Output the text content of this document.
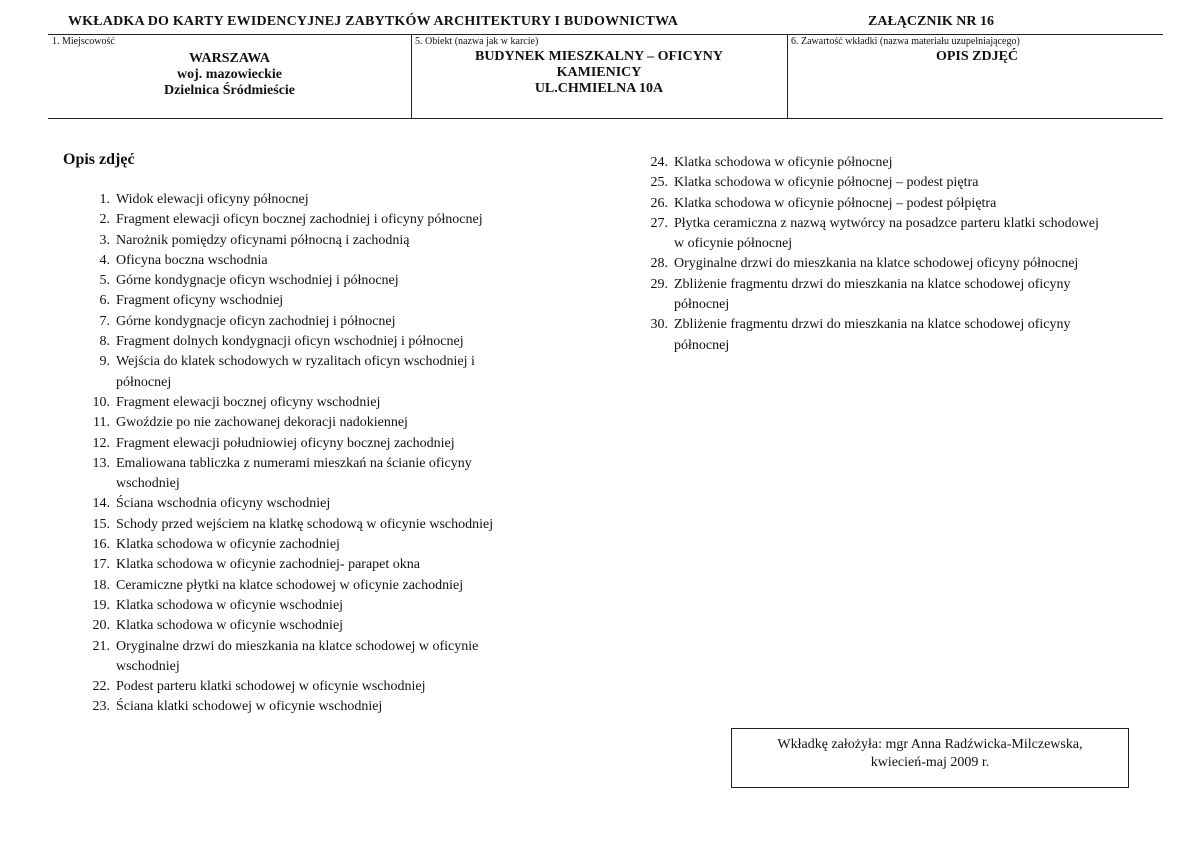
WKŁADKA DO KARTY EWIDENCYJNEJ ZABYTKÓW ARCHITEKTURY I BUDOWNICTWA	ZAŁĄCZNIK NR 16
1. Miejscowość
WARSZAWA
woj. mazowieckie
Dzielnica Śródmieście
5. Obiekt (nazwa jak w karcie)
BUDYNEK MIESZKALNY – OFICYNY
KAMIENICY
UL.CHMIELNA 10A
6. Zawartość wkładki (nazwa materiału uzupełniającego)
OPIS ZDJĘĆ
Opis zdjęć
1. Widok elewacji oficyny północnej
2. Fragment elewacji oficyn bocznej zachodniej i oficyny północnej
3. Narożnik pomiędzy oficynami północną i zachodnią
4. Oficyna boczna wschodnia
5. Górne kondygnacje oficyn wschodniej i północnej
6. Fragment oficyny wschodniej
7. Górne kondygnacje oficyn zachodniej i północnej
8. Fragment dolnych kondygnacji oficyn wschodniej i północnej
9. Wejścia do klatek schodowych w ryzalitach oficyn wschodniej i
północnej
10. Fragment elewacji bocznej oficyny wschodniej
11. Gwoździe po nie zachowanej dekoracji nadokiennej
12. Fragment elewacji południowiej oficyny bocznej zachodniej
13. Emaliowana tabliczka z numerami mieszkań na ścianie oficyny
wschodniej
14. Ściana wschodnia oficyny wschodniej
15. Schody przed wejściem na klatkę schodową w oficynie wschodniej
16. Klatka schodowa w oficynie zachodniej
17. Klatka schodowa w oficynie zachodniej- parapet okna
18. Ceramiczne płytki na klatce schodowej w oficynie zachodniej
19. Klatka schodowa w oficynie wschodniej
20. Klatka schodowa w oficynie wschodniej
21. Oryginalne drzwi do mieszkania na klatce schodowej w oficynie
wschodniej
22. Podest parteru klatki schodowej w oficynie wschodniej
23. Ściana klatki schodowej w oficynie wschodniej
24. Klatka schodowa w oficynie północnej
25. Klatka schodowa w oficynie północnej – podest piętra
26. Klatka schodowa w oficynie północnej – podest półpiętra
27. Płytka ceramiczna z nazwą wytwórcy na posadzce parteru klatki schodowej
w oficynie północnej
28. Oryginalne drzwi do mieszkania na klatce schodowej oficyny północnej
29. Zbliżenie fragmentu drzwi do mieszkania na klatce schodowej oficyny
północnej
30. Zbliżenie fragmentu drzwi do mieszkania na klatce schodowej oficyny
północnej
Wkładkę założyła: mgr Anna Radźwicka-Milczewska,
kwiecień-maj 2009 r.
